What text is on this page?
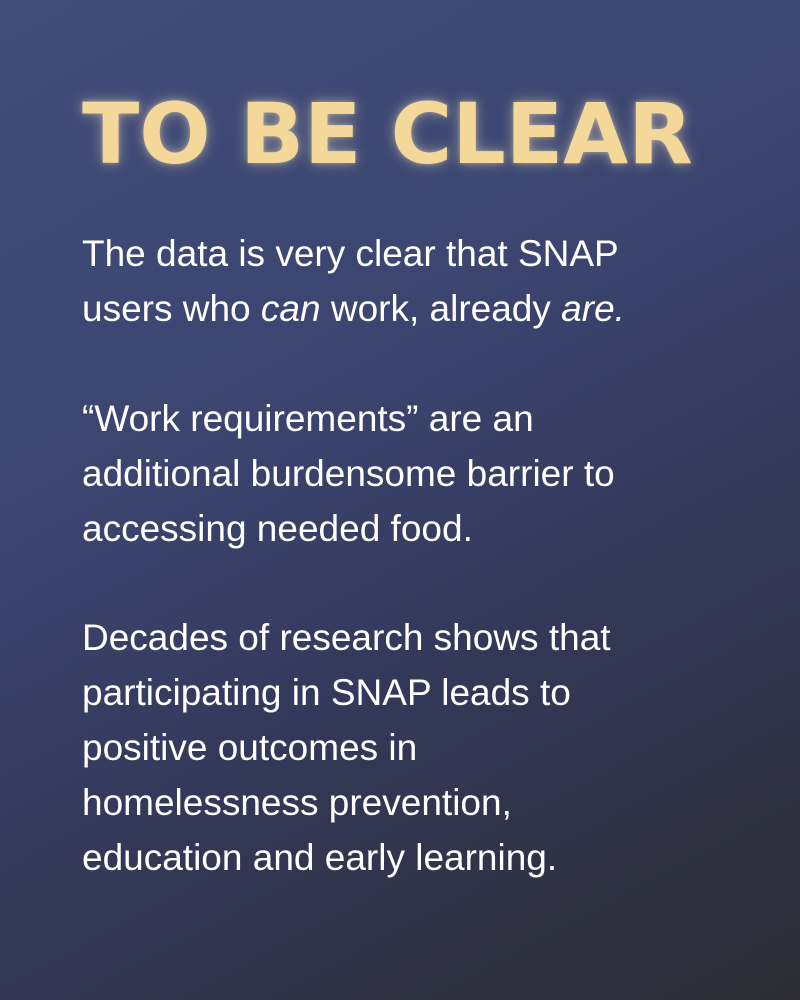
TO BE CLEAR

The data is very clear that SNAP
users who can work, already are.

“Work requirements” are an
additional burdensome barrier to
accessing needed food.

Decades of research shows that
participating in SNAP leads to
positive outcomes in
homelessness prevention,
education and early learning.
